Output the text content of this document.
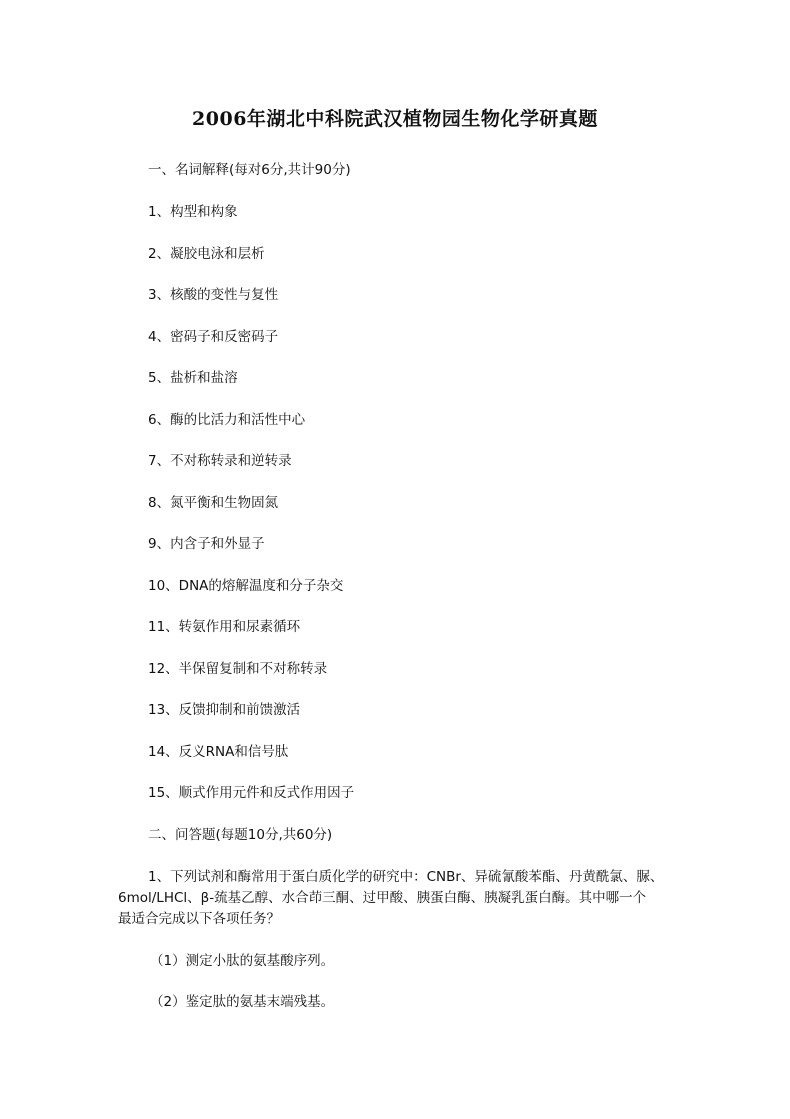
2006年湖北中科院武汉植物园生物化学研真题
一、名词解释(每对6分,共计90分)
1、构型和构象
2、凝胶电泳和层析
3、核酸的变性与复性
4、密码子和反密码子
5、盐析和盐溶
6、酶的比活力和活性中心
7、不对称转录和逆转录
8、氮平衡和生物固氮
9、内含子和外显子
10、DNA的熔解温度和分子杂交
11、转氨作用和尿素循环
12、半保留复制和不对称转录
13、反馈抑制和前馈激活
14、反义RNA和信号肽
15、顺式作用元件和反式作用因子
二、问答题(每题10分,共60分)
1、下列试剂和酶常用于蛋白质化学的研究中：CNBr、异硫氰酸苯酯、丹黄酰氯、脲、
6mol/LHCl、β-巯基乙醇、水合茚三酮、过甲酸、胰蛋白酶、胰凝乳蛋白酶。其中哪一个
最适合完成以下各项任务？
（1）测定小肽的氨基酸序列。
（2）鉴定肽的氨基末端残基。
